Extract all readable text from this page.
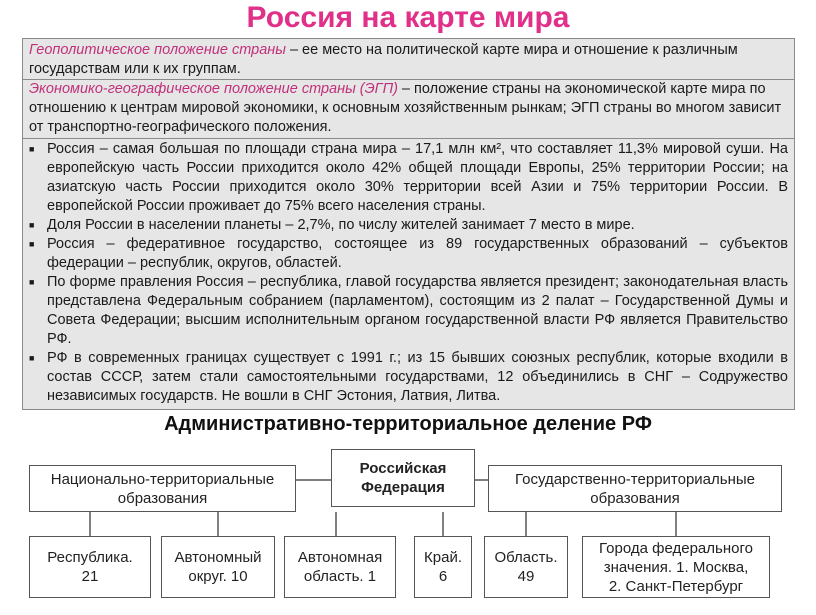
Россия на карте мира
Геополитическое положение страны – ее место на политической карте мира и отношение к различным государствам или к их группам.
Экономико-географическое положение страны (ЭГП) – положение страны на экономической карте мира по отношению к центрам мировой экономики, к основным хозяйственным рынкам; ЭГП страны во многом зависит от транспортно-географического положения.
■ Россия – самая большая по площади страна мира – 17,1 млн км², что составляет 11,3% мировой суши. На европейскую часть России приходится около 42% общей площади Европы, 25% территории России; на азиатскую часть России приходится около 30% территории всей Азии и 75% территории России. В европейской России проживает до 75% всего населения страны.
■ Доля России в населении планеты – 2,7%, по числу жителей занимает 7 место в мире.
■ Россия – федеративное государство, состоящее из 89 государственных образований – субъектов федерации – республик, округов, областей.
■ По форме правления Россия – республика, главой государства является президент; законодательная власть представлена Федеральным собранием (парламентом), состоящим из 2 палат – Государственной Думы и Совета Федерации; высшим исполнительным органом государственной власти РФ является Правительство РФ.
■ РФ в современных границах существует с 1991 г.; из 15 бывших союзных республик, которые входили в состав СССР, затем стали самостоятельными государствами, 12 объединились в СНГ – Содружество независимых государств. Не вошли в СНГ Эстония, Латвия, Литва.
Административно-территориальное деление РФ
Российская
Федерация
Национально-территориальные
образования
Государственно-территориальные
образования
Республика.
21
Автономный
округ. 10
Автономная
область. 1
Край.
6
Область.
49
Города федерального
значения. 1. Москва,
2. Санкт-Петербург
